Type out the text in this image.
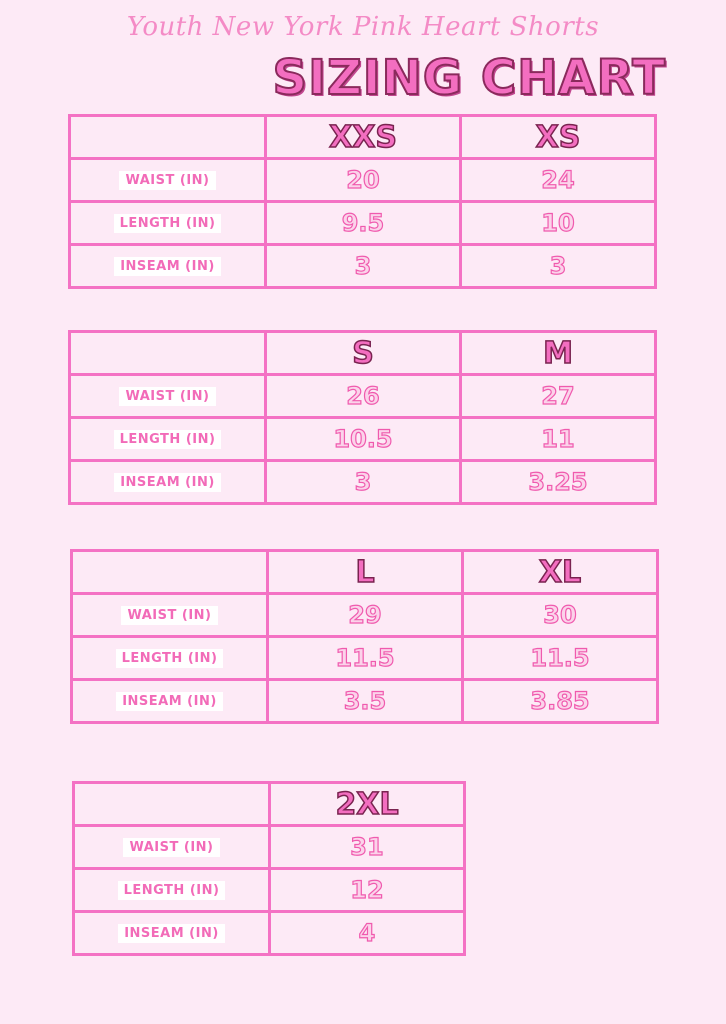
Youth New York Pink Heart Shorts
SIZING CHART
	XXS	XS
WAIST (IN)	20	24
LENGTH (IN)	9.5	10
INSEAM (IN)	3	3
	S	M
WAIST (IN)	26	27
LENGTH (IN)	10.5	11
INSEAM (IN)	3	3.25
	L	XL
WAIST (IN)	29	30
LENGTH (IN)	11.5	11.5
INSEAM (IN)	3.5	3.85
	2XL
WAIST (IN)	31
LENGTH (IN)	12
INSEAM (IN)	4
